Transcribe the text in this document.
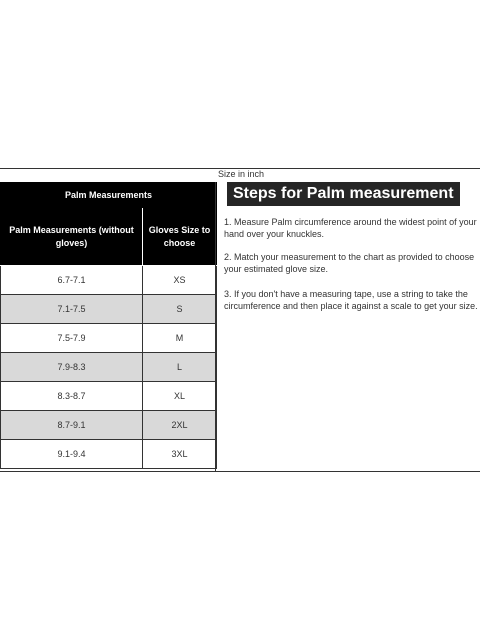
Size in inch
Palm Measurements	
Palm Measurements (without gloves)	Gloves Size to choose
6.7-7.1	XS
7.1-7.5	S
7.5-7.9	M
7.9-8.3	L
8.3-8.7	XL
8.7-9.1	2XL
9.1-9.4	3XL
Steps for Palm measurement

1. Measure Palm circumference around the widest point of your hand over your knuckles.

2. Match your measurement to the chart as provided to choose your estimated glove size.

3. If you don't have a measuring tape, use a string to take the circumference and then place it against a scale to get your size.
